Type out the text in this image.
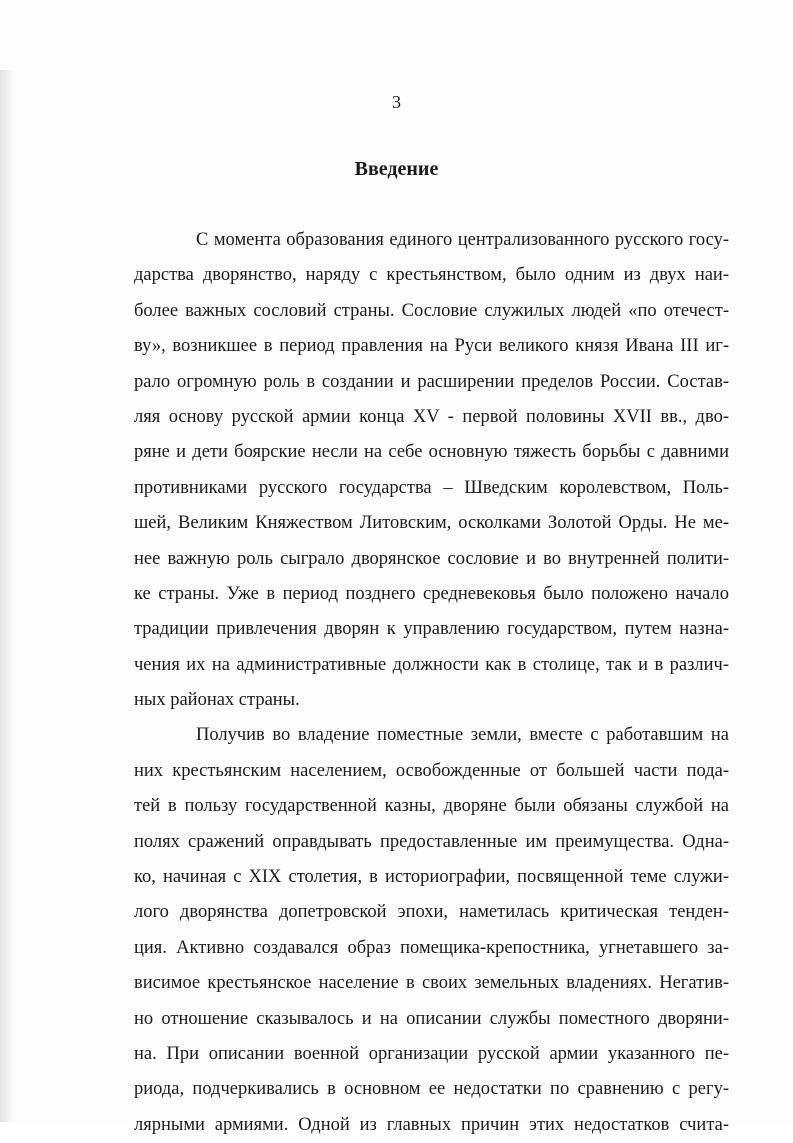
3
Введение
С момента образования единого централизованного русского госу-
дарства дворянство, наряду с крестьянством, было одним из двух наи-
более важных сословий страны. Сословие служилых людей «по отечест-
ву», возникшее в период правления на Руси великого князя Ивана III иг-
рало огромную роль в создании и расширении пределов России. Состав-
ляя основу русской армии конца XV - первой половины XVII вв., дво-
ряне и дети боярские несли на себе основную тяжесть борьбы с давними
противниками русского государства – Шведским королевством, Поль-
шей, Великим Княжеством Литовским, осколками Золотой Орды. Не ме-
нее важную роль сыграло дворянское сословие и во внутренней полити-
ке страны. Уже в период позднего средневековья было положено начало
традиции привлечения дворян к управлению государством, путем назна-
чения их на административные должности как в столице, так и в различ-
ных районах страны.
Получив во владение поместные земли, вместе с работавшим на
них крестьянским населением, освобожденные от большей части пода-
тей в пользу государственной казны, дворяне были обязаны службой на
полях сражений оправдывать предоставленные им преимущества. Одна-
ко, начиная с XIX столетия, в историографии, посвященной теме служи-
лого дворянства допетровской эпохи, наметилась критическая тенден-
ция. Активно создавался образ помещика-крепостника, угнетавшего за-
висимое крестьянское население в своих земельных владениях. Негатив-
но отношение сказывалось и на описании службы поместного дворяни-
на. При описании военной организации русской армии указанного пе-
риода, подчеркивались в основном ее недостатки по сравнению с регу-
лярными армиями. Одной из главных причин этих недостатков счита-
